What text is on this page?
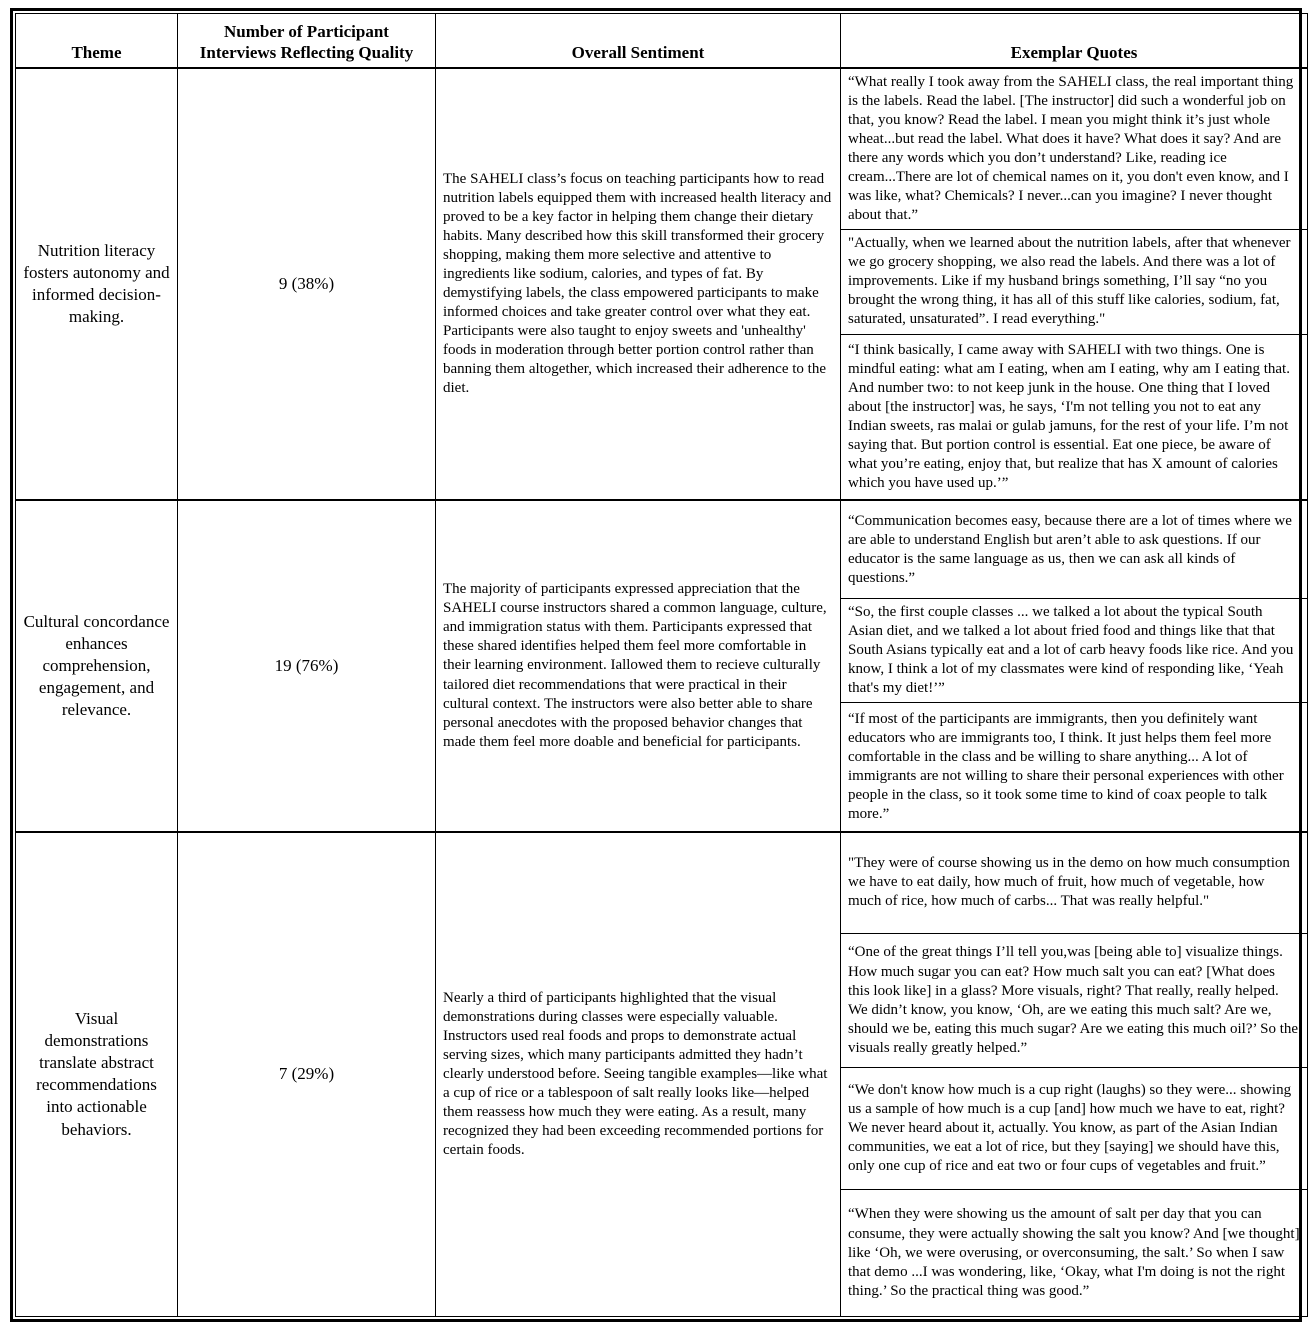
Theme	Number of Participant Interviews Reflecting Quality	Overall Sentiment	Exemplar Quotes
Nutrition literacy fosters autonomy and informed decision-making.	9 (38%)	The SAHELI class’s focus on teaching participants how to read nutrition labels equipped them with increased health literacy and proved to be a key factor in helping them change their dietary habits. Many described how this skill transformed their grocery shopping, making them more selective and attentive to ingredients like sodium, calories, and types of fat. By demystifying labels, the class empowered participants to make informed choices and take greater control over what they eat. Participants were also taught to enjoy sweets and 'unhealthy' foods in moderation through better portion control rather than banning them altogether, which increased their adherence to the diet.	“What really I took away from the SAHELI class, the real important thing is the labels. Read the label. [The instructor] did such a wonderful job on that, you know? Read the label. I mean you might think it’s just whole wheat...but read the label. What does it have? What does it say? And are there any words which you don’t understand? Like, reading ice cream...There are lot of chemical names on it, you don't even know, and I was like, what? Chemicals? I never...can you imagine? I never thought about that.”
			"Actually, when we learned about the nutrition labels, after that whenever we go grocery shopping, we also read the labels. And there was a lot of improvements. Like if my husband brings something, I’ll say “no you brought the wrong thing, it has all of this stuff like calories, sodium, fat, saturated, unsaturated”. I read everything."
			“I think basically, I came away with SAHELI with two things. One is mindful eating: what am I eating, when am I eating, why am I eating that. And number two: to not keep junk in the house. One thing that I loved about [the instructor] was, he says, ‘I'm not telling you not to eat any Indian sweets, ras malai or gulab jamuns, for the rest of your life. I’m not saying that. But portion control is essential. Eat one piece, be aware of what you’re eating, enjoy that, but realize that has X amount of calories which you have used up.’”
Cultural concordance enhances comprehension, engagement, and relevance.	19 (76%)	The majority of participants expressed appreciation that the SAHELI course instructors shared a common language, culture, and immigration status with them. Participants expressed that these shared identifies helped them feel more comfortable in their learning environment. Iallowed them to recieve culturally tailored diet recommendations that were practical in their cultural context. The instructors were also better able to share personal anecdotes with the proposed behavior changes that made them feel more doable and beneficial for participants.	“Communication becomes easy, because there are a lot of times where we are able to understand English but aren’t able to ask questions. If our educator is the same language as us, then we can ask all kinds of questions.”
			“So, the first couple classes ... we talked a lot about the typical South Asian diet, and we talked a lot about fried food and things like that that South Asians typically eat and a lot of carb heavy foods like rice. And you know, I think a lot of my classmates were kind of responding like, ‘Yeah that's my diet!’”
			“If most of the participants are immigrants, then you definitely want educators who are immigrants too, I think. It just helps them feel more comfortable in the class and be willing to share anything... A lot of immigrants are not willing to share their personal experiences with other people in the class, so it took some time to kind of coax people to talk more.”
Visual demonstrations translate abstract recommendations into actionable behaviors.	7 (29%)	Nearly a third of participants highlighted that the visual demonstrations during classes were especially valuable. Instructors used real foods and props to demonstrate actual serving sizes, which many participants admitted they hadn’t clearly understood before. Seeing tangible examples—like what a cup of rice or a tablespoon of salt really looks like—helped them reassess how much they were eating. As a result, many recognized they had been exceeding recommended portions for certain foods.	"They were of course showing us in the demo on how much consumption we have to eat daily, how much of fruit, how much of vegetable, how much of rice, how much of carbs... That was really helpful."
			“One of the great things I’ll tell you,was [being able to] visualize things. How much sugar you can eat? How much salt you can eat? [What does this look like] in a glass? More visuals, right? That really, really helped. We didn’t know, you know, ‘Oh, are we eating this much salt? Are we, should we be, eating this much sugar? Are we eating this much oil?’ So the visuals really greatly helped.”
			“We don't know how much is a cup right (laughs) so they were... showing us a sample of how much is a cup [and] how much we have to eat, right? We never heard about it, actually. You know, as part of the Asian Indian communities, we eat a lot of rice, but they [saying] we should have this, only one cup of rice and eat two or four cups of vegetables and fruit.”
			“When they were showing us the amount of salt per day that you can consume, they were actually showing the salt you know? And [we thought] like ‘Oh, we were overusing, or overconsuming, the salt.’ So when I saw that demo ...I was wondering, like, ‘Okay, what I'm doing is not the right thing.’ So the practical thing was good.”
